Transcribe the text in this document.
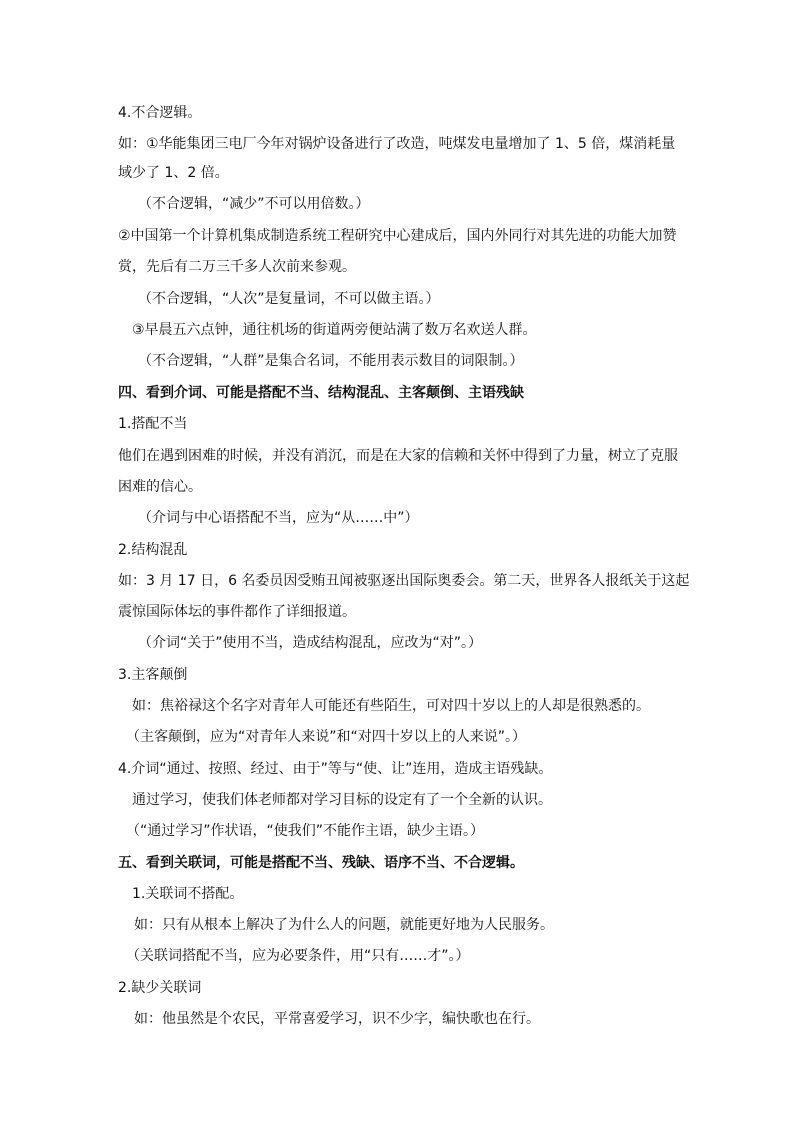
4.不合逻辑。
如：①华能集团三电厂今年对锅炉设备进行了改造，吨煤发电量增加了 1、5 倍，煤消耗量
域少了 1、2 倍。
（不合逻辑，“减少”不可以用倍数。）
②中国第一个计算机集成制造系统工程研究中心建成后，国内外同行对其先进的功能大加赞
赏，先后有二万三千多人次前来参观。
（不合逻辑，“人次”是复量词，不可以做主语。）
③早晨五六点钟，通往机场的街道两旁便站满了数万名欢送人群。
（不合逻辑，“人群”是集合名词，不能用表示数目的词限制。）
四、看到介词、可能是搭配不当、结构混乱、主客颠倒、主语残缺
1.搭配不当
他们在遇到困难的时候，并没有消沉，而是在大家的信赖和关怀中得到了力量，树立了克服
困难的信心。
（介词与中心语搭配不当，应为“从……中”）
2.结构混乱
如：3 月 17 日，6 名委员因受贿丑闻被驱逐出国际奥委会。第二天，世界各人报纸关于这起
震惊国际体坛的事件都作了详细报道。
（介词“关于”使用不当，造成结构混乱，应改为“对”。）
3.主客颠倒
如：焦裕禄这个名字对青年人可能还有些陌生，可对四十岁以上的人却是很熟悉的。
（主客颠倒，应为“对青年人来说”和“对四十岁以上的人来说”。）
4.介词“通过、按照、经过、由于”等与“使、让”连用，造成主语残缺。
通过学习，使我们体老师都对学习目标的设定有了一个全新的认识。
（“通过学习”作状语，“使我们”不能作主语，缺少主语。）
五、看到关联词，可能是搭配不当、残缺、语序不当、不合逻辑。
1.关联词不搭配。
如：只有从根本上解决了为什么人的问题，就能更好地为人民服务。
（关联词搭配不当，应为必要条件，用“只有……才”。）
2.缺少关联词
如：他虽然是个农民，平常喜爱学习，识不少字，编快歌也在行。
